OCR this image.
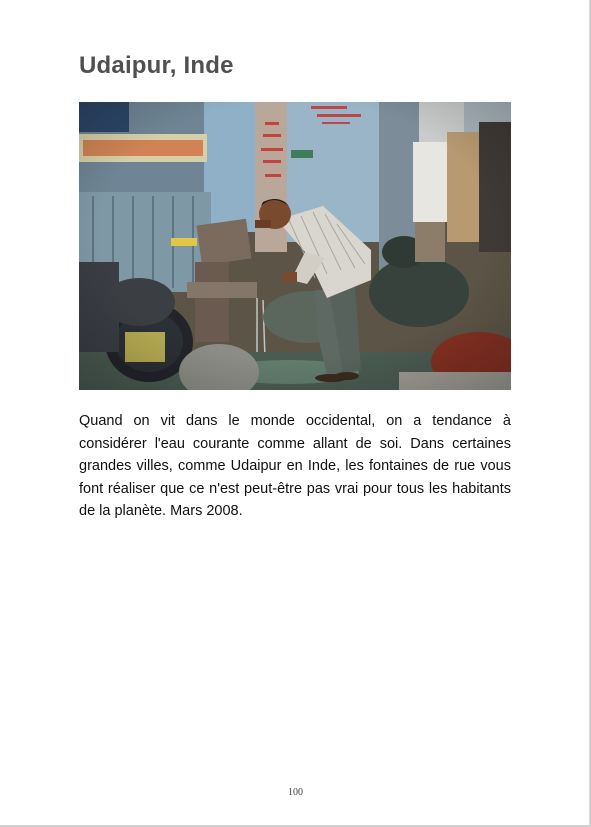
Udaipur, Inde

Quand on vit dans le monde occidental, on a tendance à considérer l'eau courante comme allant de soi. Dans certaines grandes villes, comme Udaipur en Inde, les fontaines de rue vous font réaliser que ce n'est peut-être pas vrai pour tous les habitants de la planète. Mars 2008.

100
